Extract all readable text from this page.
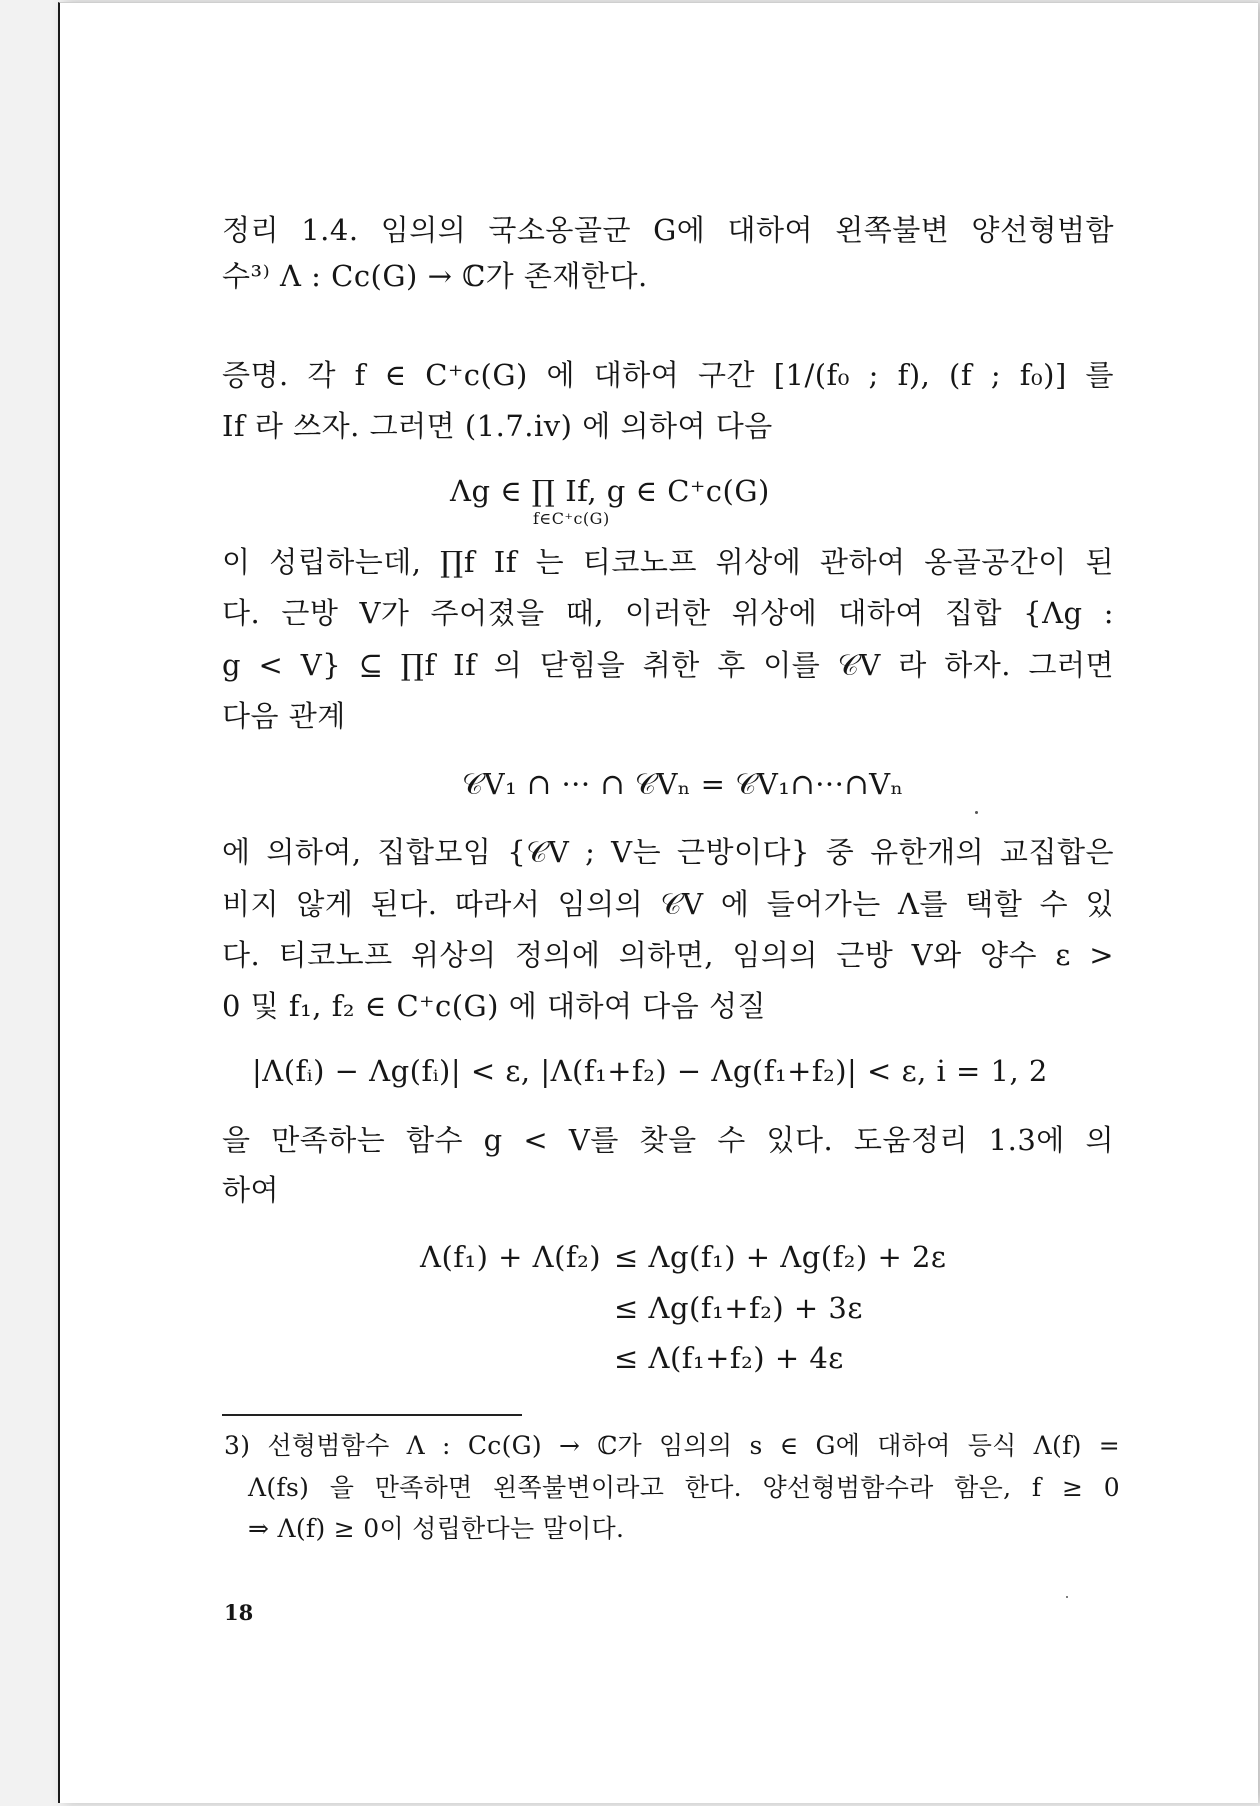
정리 1.4. 임의의 국소옹골군 G에 대하여 왼쪽불변 양선형범함
수³⁾ Λ : Cc(G) → ℂ가 존재한다.
증명. 각 f ∈ C⁺c(G) 에 대하여 구간 [1/(f₀ ; f), (f ; f₀)] 를
If 라 쓰자. 그러면 (1.7.iv) 에 의하여 다음
Λg ∈ ∏ If, g ∈ C⁺c(G)
f∈C⁺c(G)
이 성립하는데, ∏f If 는 티코노프 위상에 관하여 옹골공간이 된
다. 근방 V가 주어졌을 때, 이러한 위상에 대하여 집합 {Λg :
g < V} ⊆ ∏f If 의 닫힘을 취한 후 이를 𝒞V 라 하자. 그러면
다음 관계
𝒞V₁ ∩ ··· ∩ 𝒞Vₙ = 𝒞V₁∩···∩Vₙ
에 의하여, 집합모임 {𝒞V ; V는 근방이다} 중 유한개의 교집합은
비지 않게 된다. 따라서 임의의 𝒞V 에 들어가는 Λ를 택할 수 있
다. 티코노프 위상의 정의에 의하면, 임의의 근방 V와 양수 ε >
0 및 f₁, f₂ ∈ C⁺c(G) 에 대하여 다음 성질
|Λ(fᵢ) − Λg(fᵢ)| < ε, |Λ(f₁+f₂) − Λg(f₁+f₂)| < ε, i = 1, 2
을 만족하는 함수 g < V를 찾을 수 있다. 도움정리 1.3에 의
하여
Λ(f₁) + Λ(f₂) ≤ Λg(f₁) + Λg(f₂) + 2ε
≤ Λg(f₁+f₂) + 3ε
≤ Λ(f₁+f₂) + 4ε
3) 선형범함수 Λ : Cc(G) → ℂ가 임의의 s ∈ G에 대하여 등식 Λ(f) =
Λ(fs) 을 만족하면 왼쪽불변이라고 한다. 양선형범함수라 함은, f ≥ 0
⇒ Λ(f) ≥ 0이 성립한다는 말이다.
18
